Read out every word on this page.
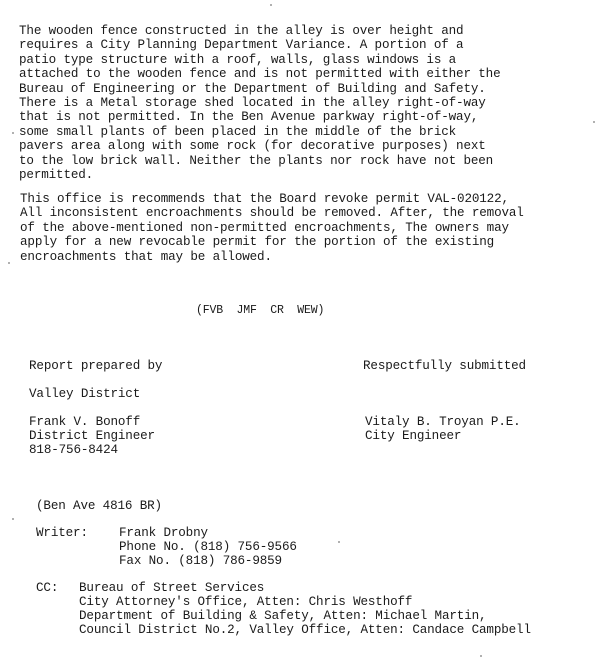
The wooden fence constructed in the alley is over height and
requires a City Planning Department Variance. A portion of a
patio type structure with a roof, walls, glass windows is a
attached to the wooden fence and is not permitted with either the
Bureau of Engineering or the Department of Building and Safety.
There is a Metal storage shed located in the alley right-of-way
that is not permitted. In the Ben Avenue parkway right-of-way,
some small plants of been placed in the middle of the brick
pavers area along with some rock (for decorative purposes) next
to the low brick wall. Neither the plants nor rock have not been
permitted.
This office is recommends that the Board revoke permit VAL-020122,
All inconsistent encroachments should be removed. After, the removal
of the above-mentioned non-permitted encroachments, The owners may
apply for a new revocable permit for the portion of the existing
encroachments that may be allowed.
(FVB  JMF  CR  WEW)
Report prepared by
Valley District
Frank V. Bonoff
District Engineer
818-756-8424
Respectfully submitted
Vitaly B. Troyan P.E.
City Engineer
(Ben Ave 4816 BR)
Writer: Frank Drobny
Phone No. (818) 756-9566
Fax No. (818) 786-9859
CC: Bureau of Street Services
City Attorney's Office, Atten: Chris Westhoff
Department of Building & Safety, Atten: Michael Martin,
Council District No.2, Valley Office, Atten: Candace Campbell
